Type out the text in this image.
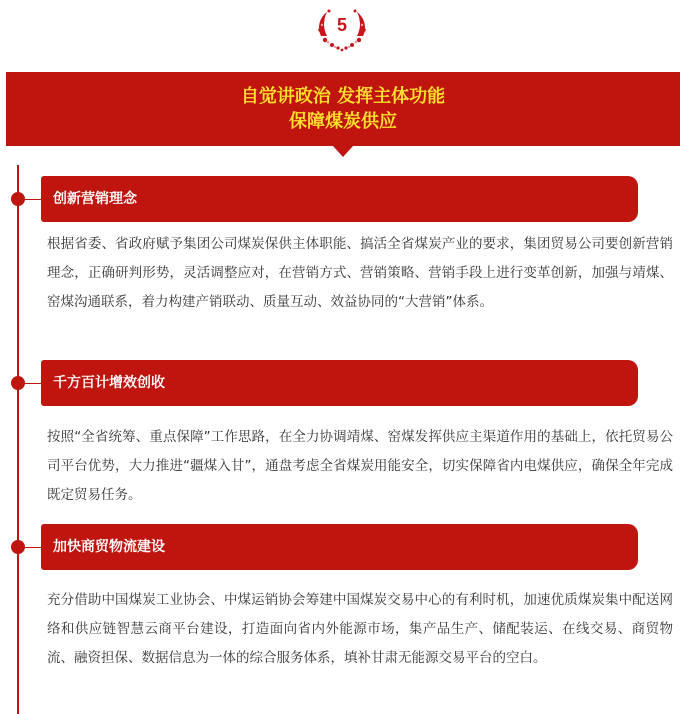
5
自觉讲政治 发挥主体功能
保障煤炭供应
创新营销理念

根据省委、省政府赋予集团公司煤炭保供主体职能、搞活全省煤炭产业的要求，集团贸易公司要创新营销理念，正确研判形势，灵活调整应对，在营销方式、营销策略、营销手段上进行变革创新，加强与靖煤、窑煤沟通联系，着力构建产销联动、质量互动、效益协同的“大营销”体系。

千方百计增效创收

按照“全省统筹、重点保障”工作思路，在全力协调靖煤、窑煤发挥供应主渠道作用的基础上，依托贸易公司平台优势，大力推进“疆煤入甘”，通盘考虑全省煤炭用能安全，切实保障省内电煤供应，确保全年完成既定贸易任务。

加快商贸物流建设

充分借助中国煤炭工业协会、中煤运销协会筹建中国煤炭交易中心的有利时机，加速优质煤炭集中配送网络和供应链智慧云商平台建设，打造面向省内外能源市场，集产品生产、储配装运、在线交易、商贸物流、融资担保、数据信息为一体的综合服务体系，填补甘肃无能源交易平台的空白。
